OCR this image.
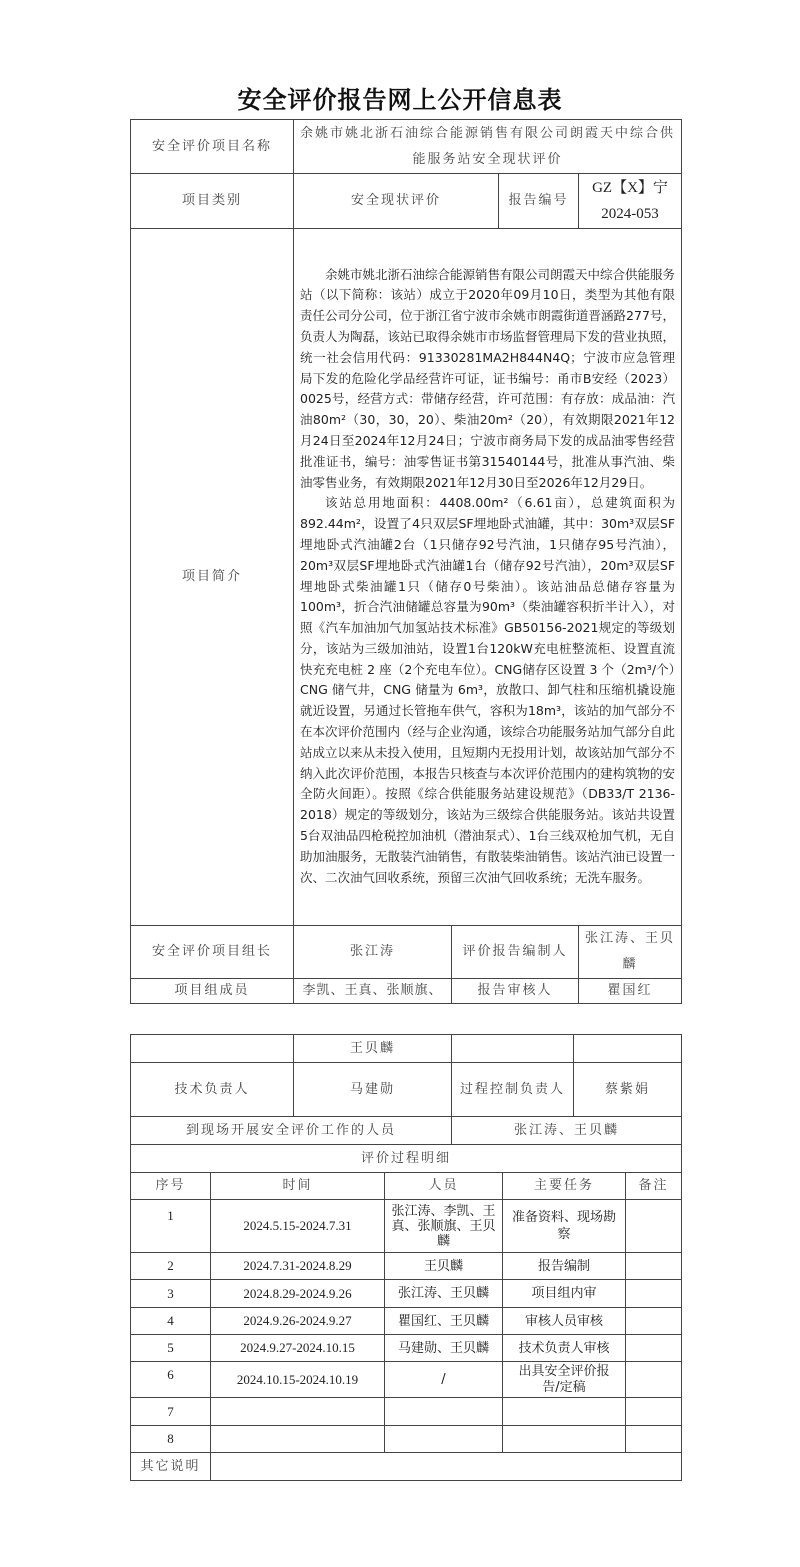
安全评价报告网上公开信息表
安全评价项目名称	余姚市姚北浙石油综合能源销售有限公司朗霞天中综合供能服务站安全现状评价			
项目类别	安全现状评价		报告编号	GZ【X】宁
2024-053

项目简介	余姚市姚北浙石油综合能源销售有限公司朗霞天中综合供能服务站（以下简称：该站）成立于2020年09月10日，类型为其他有限责任公司分公司，位于浙江省宁波市余姚市朗霞街道晋涵路277号，负责人为陶磊，该站已取得余姚市市场监督管理局下发的营业执照，统一社会信用代码：91330281MA2H844N4Q；宁波市应急管理局下发的危险化学品经营许可证，证书编号：甬市B安经（2023）0025号，经营方式：带储存经营，许可范围：有存放：成品油：汽油80m²（30，30，20）、柴油20m²（20），有效期限2021年12月24日至2024年12月24日；宁波市商务局下发的成品油零售经营批准证书，编号：油零售证书第31540144号，批准从事汽油、柴油零售业务，有效期限2021年12月30日至2026年12月29日。

该站总用地面积：4408.00m²（6.61亩），总建筑面积为892.44m²，设置了4只双层SF埋地卧式油罐，其中：30m³双层SF埋地卧式汽油罐2台（1只储存92号汽油，1只储存95号汽油），20m³双层SF埋地卧式汽油罐1台（储存92号汽油），20m³双层SF埋地卧式柴油罐1只（储存0号柴油）。该站油品总储存容量为100m³，折合汽油储罐总容量为90m³（柴油罐容积折半计入），对照《汽车加油加气加氢站技术标准》GB50156-2021规定的等级划分，该站为三级加油站，设置1台120kW充电桩整流柜、设置直流快充充电桩 2 座（2个充电车位）。CNG储存区设置 3 个（2m³/个）CNG 储气井，CNG 储量为 6m³，放散口、卸气柱和压缩机撬设施就近设置，另通过长管拖车供气，容积为18m³，该站的加气部分不在本次评价范围内（经与企业沟通，该综合功能服务站加气部分自此站成立以来从未投入使用，且短期内无投用计划，故该站加气部分不纳入此次评价范围，本报告只核查与本次评价范围内的建构筑物的安全防火间距）。按照《综合供能服务站建设规范》（DB33/T 2136-2018）规定的等级划分，该站为三级综合供能服务站。该站共设置5台双油品四枪税控加油机（潜油泵式）、1台三线双枪加气机，无自助加油服务，无散装汽油销售，有散装柴油销售。该站汽油已设置一次、二次油气回收系统，预留三次油气回收系统；无洗车服务。			

安全评价项目组长	张江涛	评价报告编制人		张江涛、王贝麟
项目组成员	李凯、王真、张顺旗、	报告审核人		瞿国红
	王贝麟		
技术负责人	马建勋	过程控制负责人	蔡紫娟
到现场开展安全评价工作的人员		张江涛、王贝麟	
评价过程明细			
序号	时间	人员	主要任务	备注
1	2024.5.15-2024.7.31	张江涛、李凯、王真、张顺旗、王贝麟	准备资料、现场勘察	
2	2024.7.31-2024.8.29	王贝麟	报告编制	
3	2024.8.29-2024.9.26	张江涛、王贝麟	项目组内审	
4	2024.9.26-2024.9.27	瞿国红、王贝麟	审核人员审核	
5	2024.9.27-2024.10.15	马建勋、王贝麟	技术负责人审核	
6	2024.10.15-2024.10.19	/	出具安全评价报告/定稿	
7				
8				
其它说明				
